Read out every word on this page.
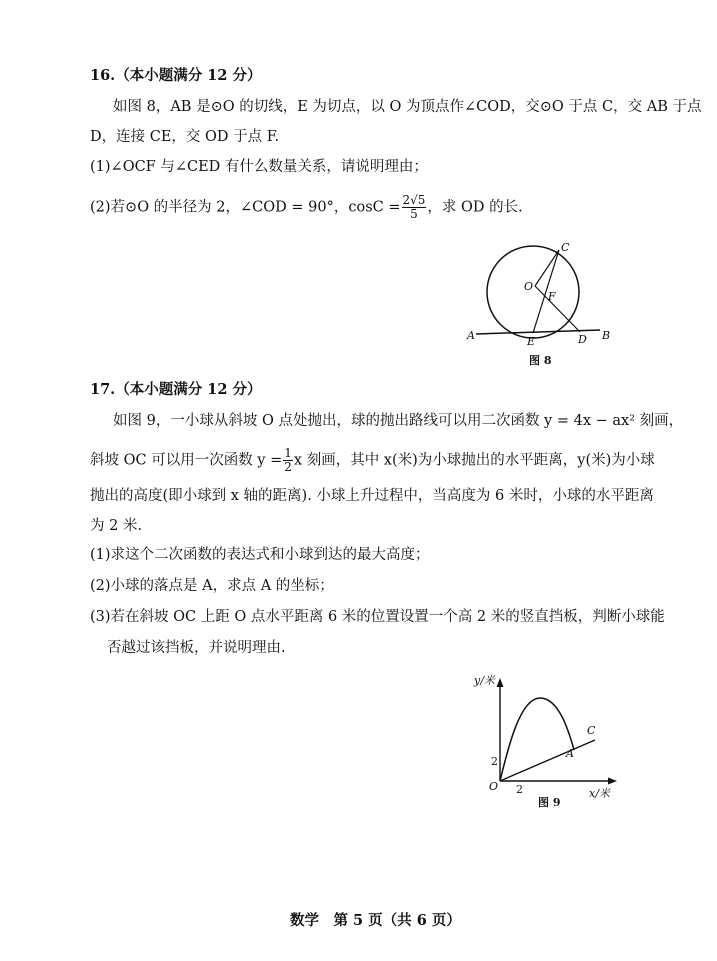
16.（本小题满分 12 分）
如图 8，AB 是⊙O 的切线，E 为切点，以 O 为顶点作∠COD，交⊙O 于点 C，交 AB 于点
D，连接 CE，交 OD 于点 F.
(1)∠OCF 与∠CED 有什么数量关系，请说明理由；
(2)若⊙O 的半径为 2，∠COD = 90°，$\cos C = \frac{2√5}{5}$ ，求 OD 的长.
C
O
F
A	E	D B
图 8
17.（本小题满分 12 分）
如图 9，一小球从斜坡 O 点处抛出，球的抛出路线可以用二次函数 y = 4x − ax² 刻画，
斜坡 OC 可以用一次函数 $y = \frac{1}{2}$ x 刻画，其中 x(米)为小球抛出的水平距离，y(米)为小球
抛出的高度(即小球到 x 轴的距离). 小球上升过程中，当高度为 6 米时，小球的水平距离
为 2 米.
(1)求这个二次函数的表达式和小球到达的最大高度；
(2)小球的落点是 A，求点 A 的坐标；
(3)若在斜坡 OC 上距 O 点水平距离 6 米的位置设置一个高 2 米的竖直挡板，判断小球能
否越过该挡板，并说明理由.
y/米
x/米
O
2
2
C
A
图 9
数学　第 5 页（共 6 页）
